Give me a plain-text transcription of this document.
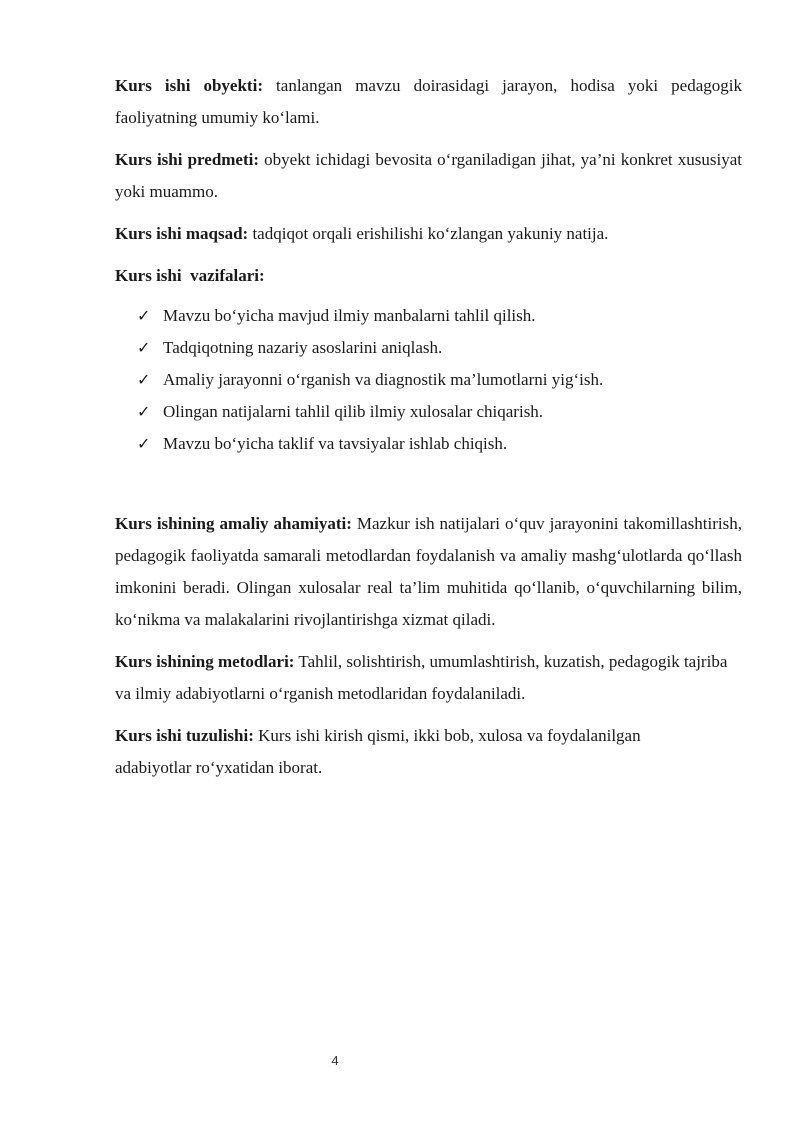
Kurs ishi obyekti: tanlangan mavzu doirasidagi jarayon, hodisa yoki pedagogik faoliyatning umumiy ko‘lami.

Kurs ishi predmeti: obyekt ichidagi bevosita o‘rganiladigan jihat, ya’ni konkret xususiyat yoki muammo.

Kurs ishi maqsad: tadqiqot orqali erishilishi ko‘zlangan yakuniy natija.

Kurs ishi  vazifalari:

✓ Mavzu bo‘yicha mavjud ilmiy manbalarni tahlil qilish.
✓ Tadqiqotning nazariy asoslarini aniqlash.
✓ Amaliy jarayonni o‘rganish va diagnostik ma’lumotlarni yig‘ish.
✓ Olingan natijalarni tahlil qilib ilmiy xulosalar chiqarish.
✓ Mavzu bo‘yicha taklif va tavsiyalar ishlab chiqish.

Kurs ishining amaliy ahamiyati: Mazkur ish natijalari o‘quv jarayonini takomillashtirish, pedagogik faoliyatda samarali metodlardan foydalanish va amaliy mashg‘ulotlarda qo‘llash imkonini beradi. Olingan xulosalar real ta’lim muhitida qo‘llanib, o‘quvchilarning bilim, ko‘nikma va malakalarini rivojlantirishga xizmat qiladi.

Kurs ishining metodlari: Tahlil, solishtirish, umumlashtirish, kuzatish, pedagogik tajriba va ilmiy adabiyotlarni o‘rganish metodlaridan foydalaniladi.

Kurs ishi tuzulishi: Kurs ishi kirish qismi, ikki bob, xulosa va foydalanilgan adabiyotlar ro‘yxatidan iborat.

4
